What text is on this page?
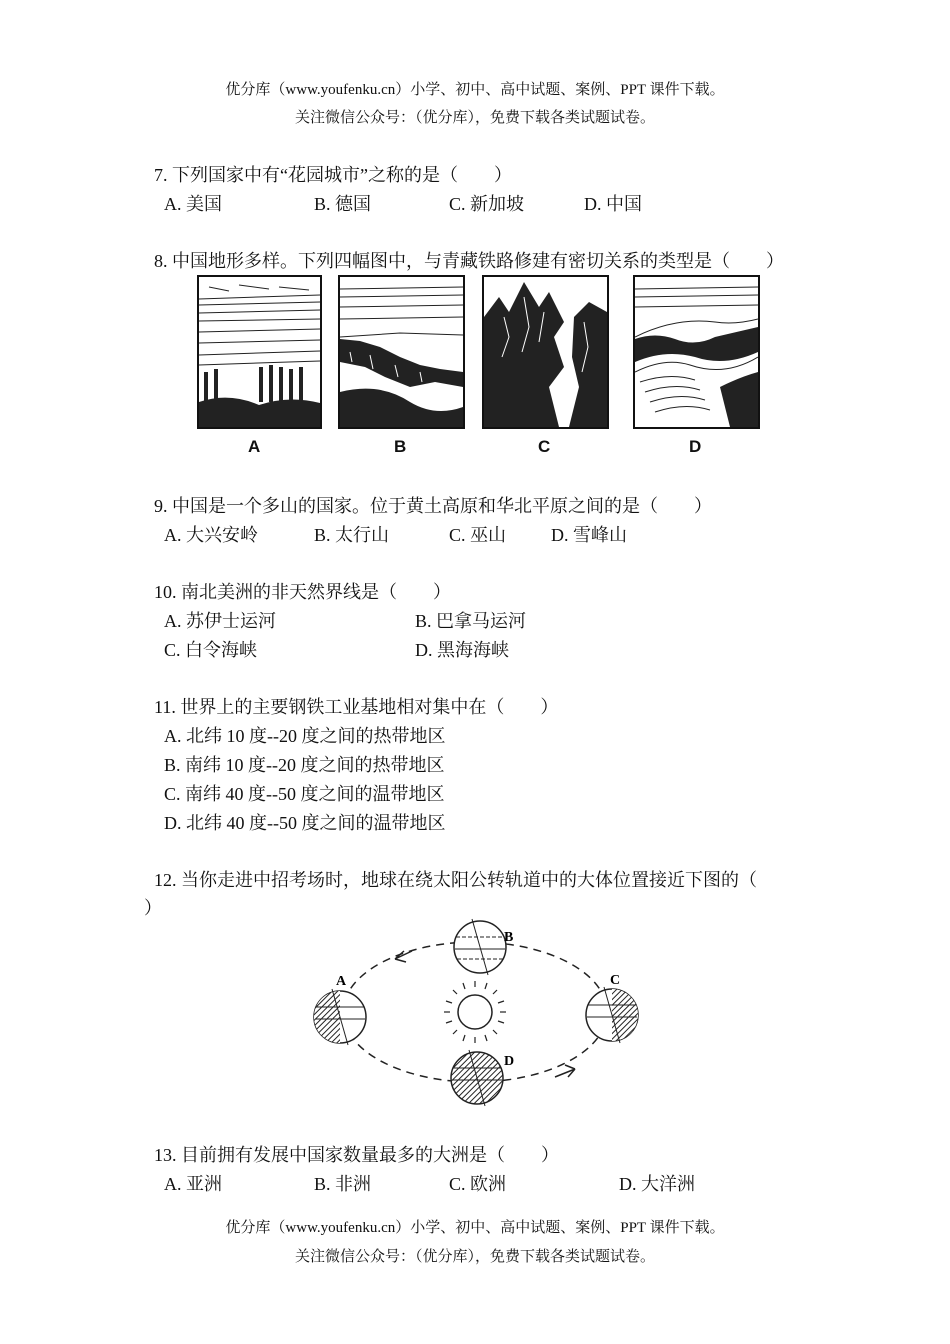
优分库（www.youfenku.cn）小学、初中、高中试题、案例、PPT 课件下载。
关注微信公众号：（优分库），免费下载各类试题试卷。
7. 下列国家中有“花园城市”之称的是（　　）
A. 美国	B. 德国	C. 新加坡	D. 中国
8. 中国地形多样。下列四幅图中，与青藏铁路修建有密切关系的类型是（　　）
A	B	C	D
9. 中国是一个多山的国家。位于黄土高原和华北平原之间的是（　　）
A. 大兴安岭	B. 太行山	C. 巫山 D. 雪峰山
10. 南北美洲的非天然界线是（　　）
A. 苏伊士运河	B. 巴拿马运河
C. 白令海峡	D. 黑海海峡
11. 世界上的主要钢铁工业基地相对集中在（　　）
A. 北纬 10 度--20 度之间的热带地区
B. 南纬 10 度--20 度之间的热带地区
C. 南纬 40 度--50 度之间的温带地区
D. 北纬 40 度--50 度之间的温带地区
12. 当你走进中招考场时，地球在绕太阳公转轨道中的大体位置接近下图的（
）
A
B
C
D
13. 目前拥有发展中国家数量最多的大洲是（　　）
A. 亚洲	B. 非洲	C. 欧洲	D. 大洋洲
优分库（www.youfenku.cn）小学、初中、高中试题、案例、PPT 课件下载。
关注微信公众号：（优分库），免费下载各类试题试卷。
